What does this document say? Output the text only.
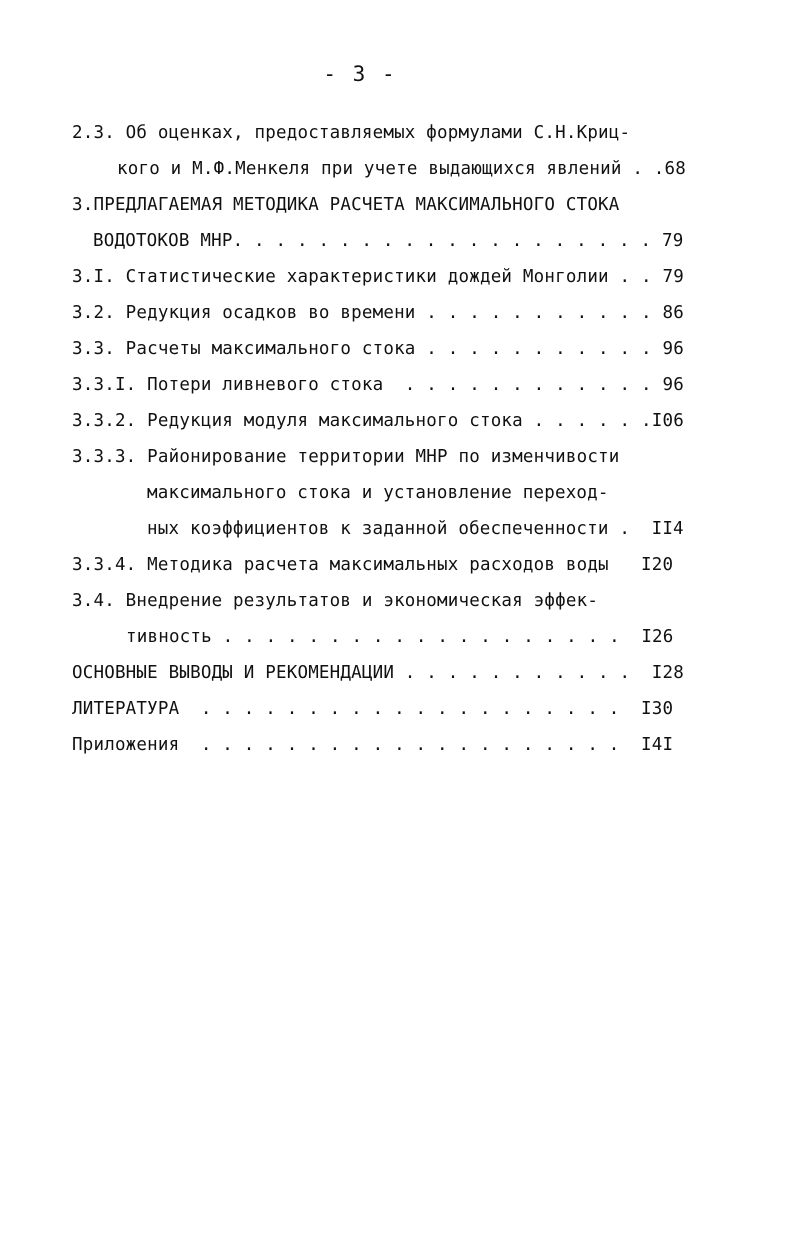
- 3 -
2.3. Об оценках, предоставляемых формулами С.Н.Криц-
кого и М.Ф.Менкеля при учете выдающихся явлений . .68
3.ПРЕДЛАГАЕМАЯ МЕТОДИКА РАСЧЕТА МАКСИМАЛЬНОГО СТОКА
ВОДОТОКОВ МНР. . . . . . . . . . . . . . . . . . . . 79
3.I. Статистические характеристики дождей Монголии . . 79
3.2. Редукция осадков во времени . . . . . . . . . . . 86
3.3. Расчеты максимального стока . . . . . . . . . . . 96
3.3.I. Потери ливневого стока  . . . . . . . . . . . . 96
3.3.2. Редукция модуля максимального стока . . . . . .I06
3.3.3. Районирование территории МНР по изменчивости
максимального стока и установление переход-
ных коэффициентов к заданной обеспеченности .  II4
3.3.4. Методика расчета максимальных расходов воды   I20
3.4. Внедрение результатов и экономическая эффек-
тивность . . . . . . . . . . . . . . . . . . .  I26
ОСНОВНЫЕ ВЫВОДЫ И РЕКОМЕНДАЦИИ . . . . . . . . . . .  I28
ЛИТЕРАТУРА  . . . . . . . . . . . . . . . . . . . .  I30
Приложения  . . . . . . . . . . . . . . . . . . . .  I4I
